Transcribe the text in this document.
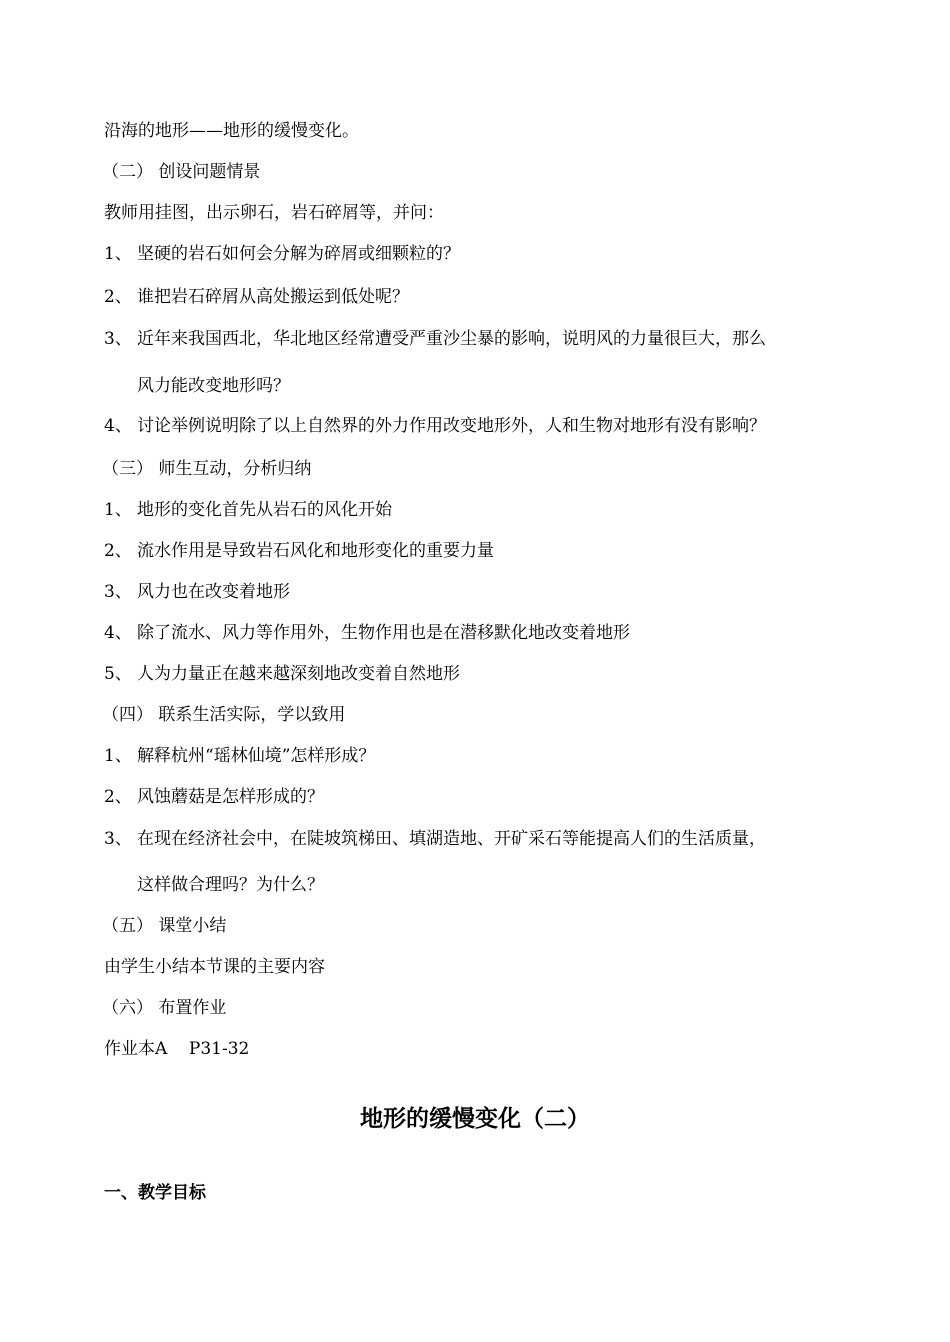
沿海的地形——地形的缓慢变化。
（二） 创设问题情景
教师用挂图，出示卵石，岩石碎屑等，并问：
1、 坚硬的岩石如何会分解为碎屑或细颗粒的？
2、 谁把岩石碎屑从高处搬运到低处呢？
3、 近年来我国西北，华北地区经常遭受严重沙尘暴的影响，说明风的力量很巨大，那么
风力能改变地形吗？
4、 讨论举例说明除了以上自然界的外力作用改变地形外，人和生物对地形有没有影响？
（三） 师生互动，分析归纳
1、 地形的变化首先从岩石的风化开始
2、 流水作用是导致岩石风化和地形变化的重要力量
3、 风力也在改变着地形
4、 除了流水、风力等作用外，生物作用也是在潜移默化地改变着地形
5、 人为力量正在越来越深刻地改变着自然地形
（四） 联系生活实际，学以致用
1、 解释杭州“瑶林仙境”怎样形成？
2、 风蚀蘑菇是怎样形成的？
3、 在现在经济社会中，在陡坡筑梯田、填湖造地、开矿采石等能提高人们的生活质量，
这样做合理吗？为什么？
（五） 课堂小结
由学生小结本节课的主要内容
（六） 布置作业
作业本A    P31-32
地形的缓慢变化（二）
一、教学目标
